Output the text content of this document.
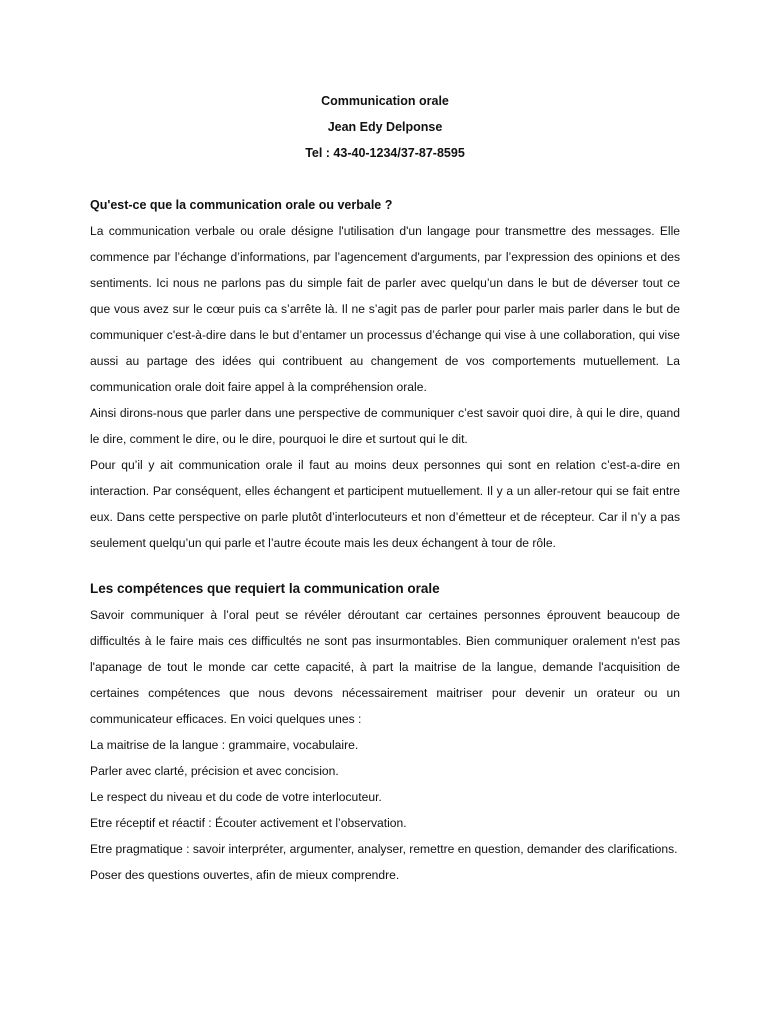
Communication orale
Jean Edy Delponse
Tel : 43-40-1234/37-87-8595
Qu'est-ce que la communication orale ou verbale ?

La communication verbale ou orale désigne l'utilisation d'un langage pour transmettre des messages. Elle commence par l’échange d’informations, par l’agencement d'arguments, par l’expression des opinions et des sentiments. Ici nous ne parlons pas du simple fait de parler avec quelqu’un dans le but de déverser tout ce que vous avez sur le cœur puis ca s’arrête là. Il ne s’agit pas de parler pour parler mais parler dans le but de communiquer c'est-à-dire dans le but d’entamer un processus d’échange qui vise à une collaboration, qui vise aussi au partage des idées qui contribuent au changement de vos comportements mutuellement. La communication orale doit faire appel à la compréhension orale.

Ainsi dirons-nous que parler dans une perspective de communiquer c’est savoir quoi dire, à qui le dire, quand le dire, comment le dire, ou le dire, pourquoi le dire et surtout qui le dit.

Pour qu’il y ait communication orale il faut au moins deux personnes qui sont en relation c’est-a-dire en interaction. Par conséquent, elles échangent et participent mutuellement. Il y a un aller-retour qui se fait entre eux. Dans cette perspective on parle plutôt d’interlocuteurs et non d’émetteur et de récepteur. Car il n’y a pas seulement quelqu’un qui parle et l’autre écoute mais les deux échangent à tour de rôle.

Les compétences que requiert la communication orale

Savoir communiquer à l’oral peut se révéler déroutant car certaines personnes éprouvent beaucoup de difficultés à le faire mais ces difficultés ne sont pas insurmontables. Bien communiquer oralement n'est pas l'apanage de tout le monde car cette capacité, à part la maitrise de la langue, demande l'acquisition de certaines compétences que nous devons nécessairement maitriser pour devenir un orateur ou un communicateur efficaces. En voici quelques unes :

La maitrise de la langue : grammaire, vocabulaire.

Parler avec clarté, précision et avec concision.

Le respect du niveau et du code de votre interlocuteur.

Etre réceptif et réactif : Écouter activement et l’observation.

Etre pragmatique : savoir interpréter, argumenter, analyser, remettre en question, demander des clarifications.

Poser des questions ouvertes, afin de mieux comprendre.
